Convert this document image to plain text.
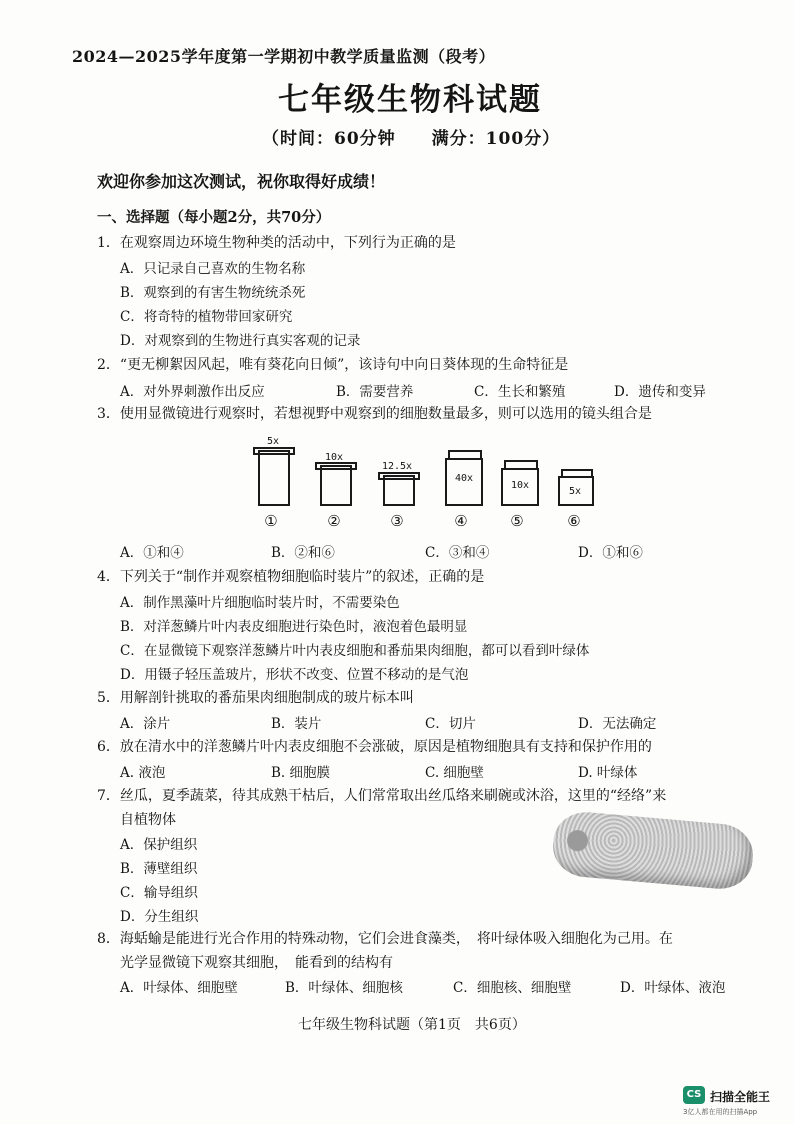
2024—2025学年度第一学期初中教学质量监测（段考）
七年级生物科试题
（时间：60分钟　　满分：100分）
欢迎你参加这次测试，祝你取得好成绩！
一、选择题（每小题2分，共70分）
1．在观察周边环境生物种类的活动中，下列行为正确的是
A．只记录自己喜欢的生物名称
B．观察到的有害生物统统杀死
C．将奇特的植物带回家研究
D．对观察到的生物进行真实客观的记录
2．“更无柳絮因风起，唯有葵花向日倾”，该诗句中向日葵体现的生命特征是
A．对外界刺激作出反应	B．需要营养	C．生长和繁殖	D．遗传和变异
3．使用显微镜进行观察时，若想视野中观察到的细胞数量最多，则可以选用的镜头组合是
5x
10x
12.5x
40x
10x
5x
①	②	③	④	⑤	⑥
A．①和④	B．②和⑥	C．③和④	D．①和⑥
4．下列关于“制作并观察植物细胞临时装片”的叙述，正确的是
A．制作黑藻叶片细胞临时装片时，不需要染色
B．对洋葱鳞片叶内表皮细胞进行染色时，液泡着色最明显
C．在显微镜下观察洋葱鳞片叶内表皮细胞和番茄果肉细胞，都可以看到叶绿体
D．用镊子轻压盖玻片，形状不改变、位置不移动的是气泡
5．用解剖针挑取的番茄果肉细胞制成的玻片标本叫
A．涂片	B．装片	C．切片	D．无法确定
6．放在清水中的洋葱鳞片叶内表皮细胞不会涨破，原因是植物细胞具有支持和保护作用的
A. 液泡	B. 细胞膜	C. 细胞壁	D. 叶绿体
7．丝瓜，夏季蔬菜，待其成熟干枯后，人们常常取出丝瓜络来刷碗或沐浴，这里的“经络”来
自植物体
A．保护组织
B．薄壁组织
C．输导组织
D．分生组织
8．海蛞蝓是能进行光合作用的特殊动物，它们会进食藻类，　将叶绿体吸入细胞化为己用。在
光学显微镜下观察其细胞，　能看到的结构有
A．叶绿体、细胞壁	B．叶绿体、细胞核	C．细胞核、细胞壁	D．叶绿体、液泡
七年级生物科试题（第1页　共6页）
CS 扫描全能王
3亿人都在用的扫描App
